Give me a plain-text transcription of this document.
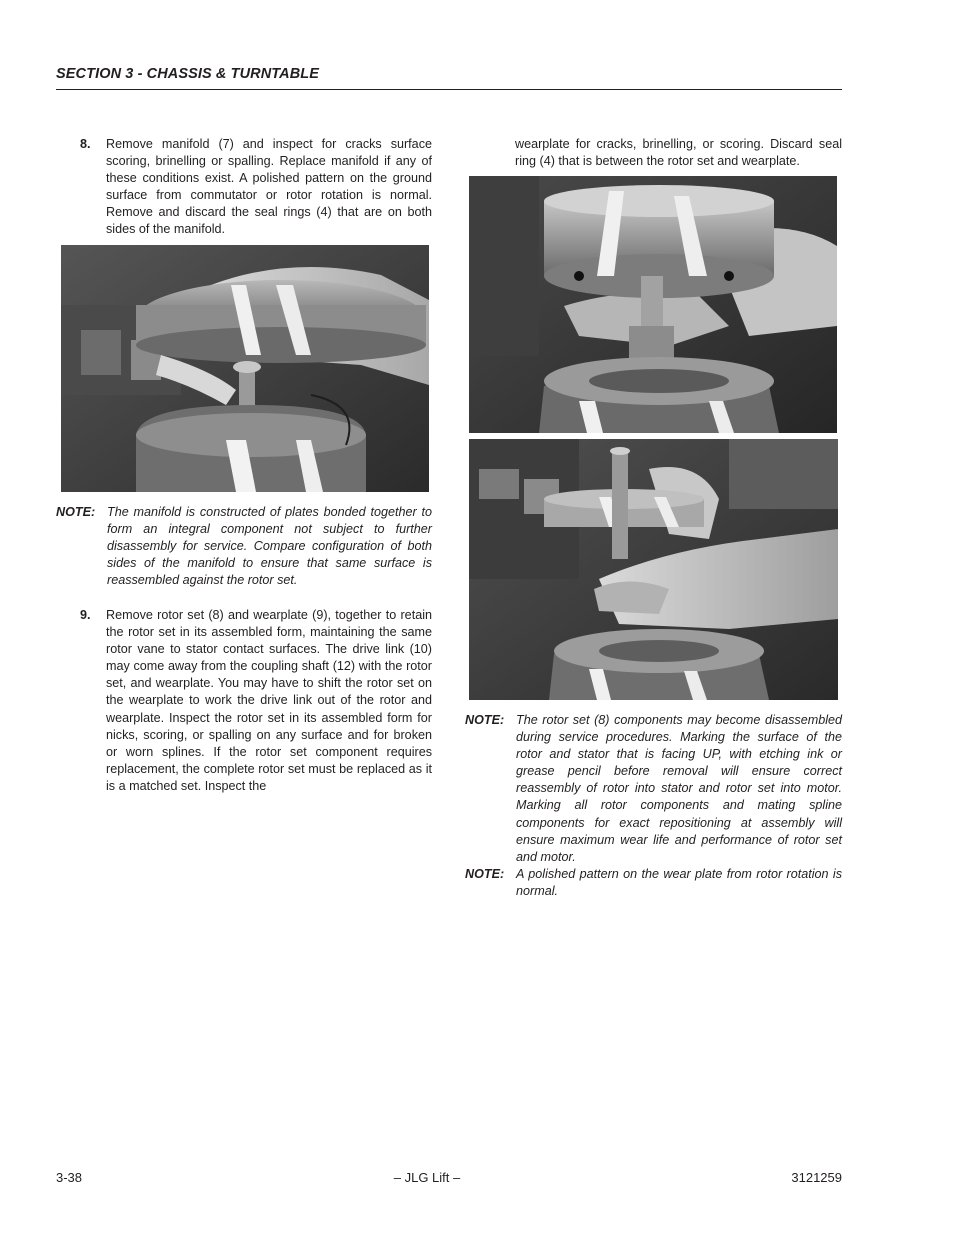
SECTION 3 - CHASSIS & TURNTABLE
8. Remove manifold (7) and inspect for cracks surface scoring, brinelling or spalling. Replace manifold if any of these conditions exist. A polished pattern on the ground surface from commutator or rotor rotation is normal. Remove and discard the seal rings (4) that are on both sides of the manifold.
NOTE: The manifold is constructed of plates bonded together to form an integral component not subject to further disassembly for service. Compare configuration of both sides of the manifold to ensure that same surface is reassembled against the rotor set.
9. Remove rotor set (8) and wearplate (9), together to retain the rotor set in its assembled form, maintaining the same rotor vane to stator contact surfaces. The drive link (10) may come away from the coupling shaft (12) with the rotor set, and wearplate. You may have to shift the rotor set on the wearplate to work the drive link out of the rotor and wearplate. Inspect the rotor set in its assembled form for nicks, scoring, or spalling on any surface and for broken or worn splines. If the rotor set component requires replacement, the complete rotor set must be replaced as it is a matched set. Inspect the
wearplate for cracks, brinelling, or scoring. Discard seal ring (4) that is between the rotor set and wearplate.
NOTE: The rotor set (8) components may become disassembled during service procedures. Marking the surface of the rotor and stator that is facing UP, with etching ink or grease pencil before removal will ensure correct reassembly of rotor into stator and rotor set into motor. Marking all rotor components and mating spline components for exact repositioning at assembly will ensure maximum wear life and performance of rotor set and motor.
NOTE: A polished pattern on the wear plate from rotor rotation is normal.
3-38	– JLG Lift –	3121259
